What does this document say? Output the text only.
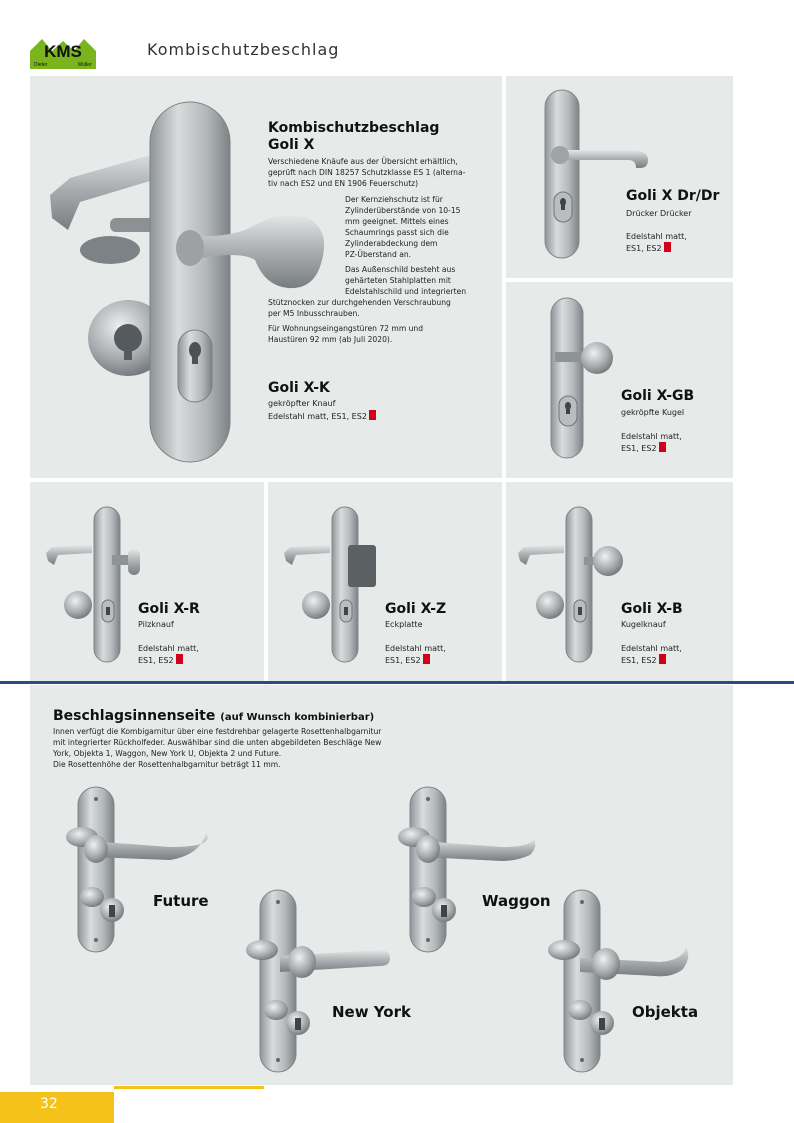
KMS
Dieter	Müller
Kombischutzbeschlag
Kombischutzbeschlag
Goli X
Verschiedene Knäufe aus der Übersicht erhältlich,
geprüft nach DIN 18257 Schutzklasse ES 1 (alterna-
tiv nach ES2 und EN 1906 Feuerschutz)
Der Kernziehschutz ist für
Zylinderüberstände von 10-15
mm geeignet. Mittels eines
Schaumrings passt sich die
Zylinderabdeckung dem
PZ-Überstand an.
Das Außenschild besteht aus
gehärteten Stahlplatten mit
Edelstahlschild und integrierten
Stütznocken zur durchgehenden Verschraubung
per M5 Inbusschrauben.
Für Wohnungseingangstüren 72 mm und
Haustüren 92 mm (ab Juli 2020).
Goli X-K
gekröpfter Knauf
Edelstahl matt, ES1, ES2
Goli X Dr/Dr
Drücker Drücker
Edelstahl matt,
ES1, ES2
Goli X-GB
gekröpfte Kugel
Edelstahl matt,
ES1, ES2
Goli X-R
Pilzknauf
Edelstahl matt,
ES1, ES2
Goli X-Z
Eckplatte
Edelstahl matt,
ES1, ES2
Goli X-B
Kugelknauf
Edelstahl matt,
ES1, ES2
Beschlagsinnenseite (auf Wunsch kombinierbar)
Innen verfügt die Kombigarnitur über eine festdrehbar gelagerte Rosettenhalbgarnitur
mit integrierter Rückholfeder. Auswählbar sind die unten abgebildeten Beschläge New
York, Objekta 1, Waggon, New York U, Objekta 2 und Future.
Die Rosettenhöhe der Rosettenhalbgarnitur beträgt 11 mm.
Future	Waggon
New York	Objekta
32
